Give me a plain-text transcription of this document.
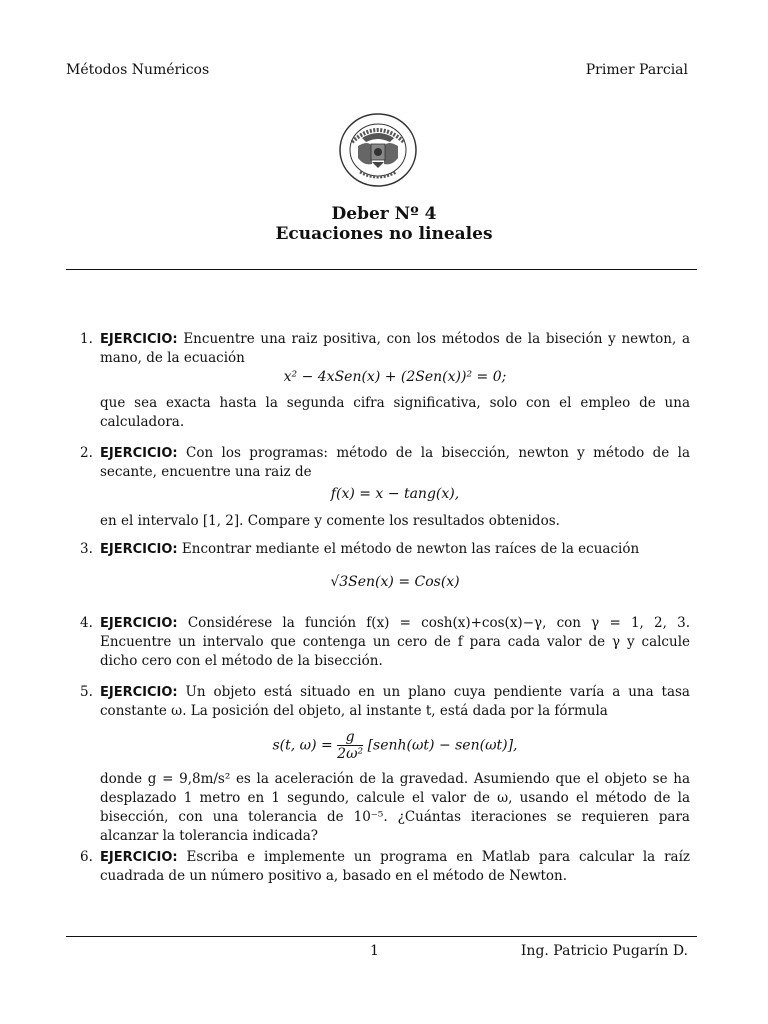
Métodos Numéricos	Primer Parcial
Deber Nº 4
Ecuaciones no lineales
1. EJERCICIO: Encuentre una raiz positiva, con los métodos de la biseción y newton, a mano, de la ecuación
x² − 4xSen(x) + (2Sen(x))² = 0;
que sea exacta hasta la segunda cifra significativa, solo con el empleo de una calculadora.
2. EJERCICIO: Con los programas: método de la bisección, newton y método de la secante, encuentre una raiz de
f(x) = x − tang(x),
en el intervalo [1, 2]. Compare y comente los resultados obtenidos.
3. EJERCICIO: Encontrar mediante el método de newton las raíces de la ecuación
√3Sen(x) = Cos(x)
4. EJERCICIO: Considérese la función f(x) = cosh(x)+cos(x)−γ, con γ = 1, 2, 3. Encuentre un intervalo que contenga un cero de f para cada valor de γ y calcule dicho cero con el método de la bisección.
5. EJERCICIO: Un objeto está situado en un plano cuya pendiente varía a una tasa constante ω. La posición del objeto, al instante t, está dada por la fórmula
s(t, $\omega) = \frac{g}{\text{2ω²}}$ [senh(ωt) − sen(ωt)],
donde g = 9,8m/s² es la aceleración de la gravedad. Asumiendo que el objeto se ha desplazado 1 metro en 1 segundo, calcule el valor de ω, usando el método de la bisección, con una tolerancia de 10⁻⁵. ¿Cuántas iteraciones se requieren para alcanzar la tolerancia indicada?
6. EJERCICIO: Escriba e implemente un programa en Matlab para calcular la raíz cuadrada de un número positivo a, basado en el método de Newton.
1	Ing. Patricio Pugarín D.
